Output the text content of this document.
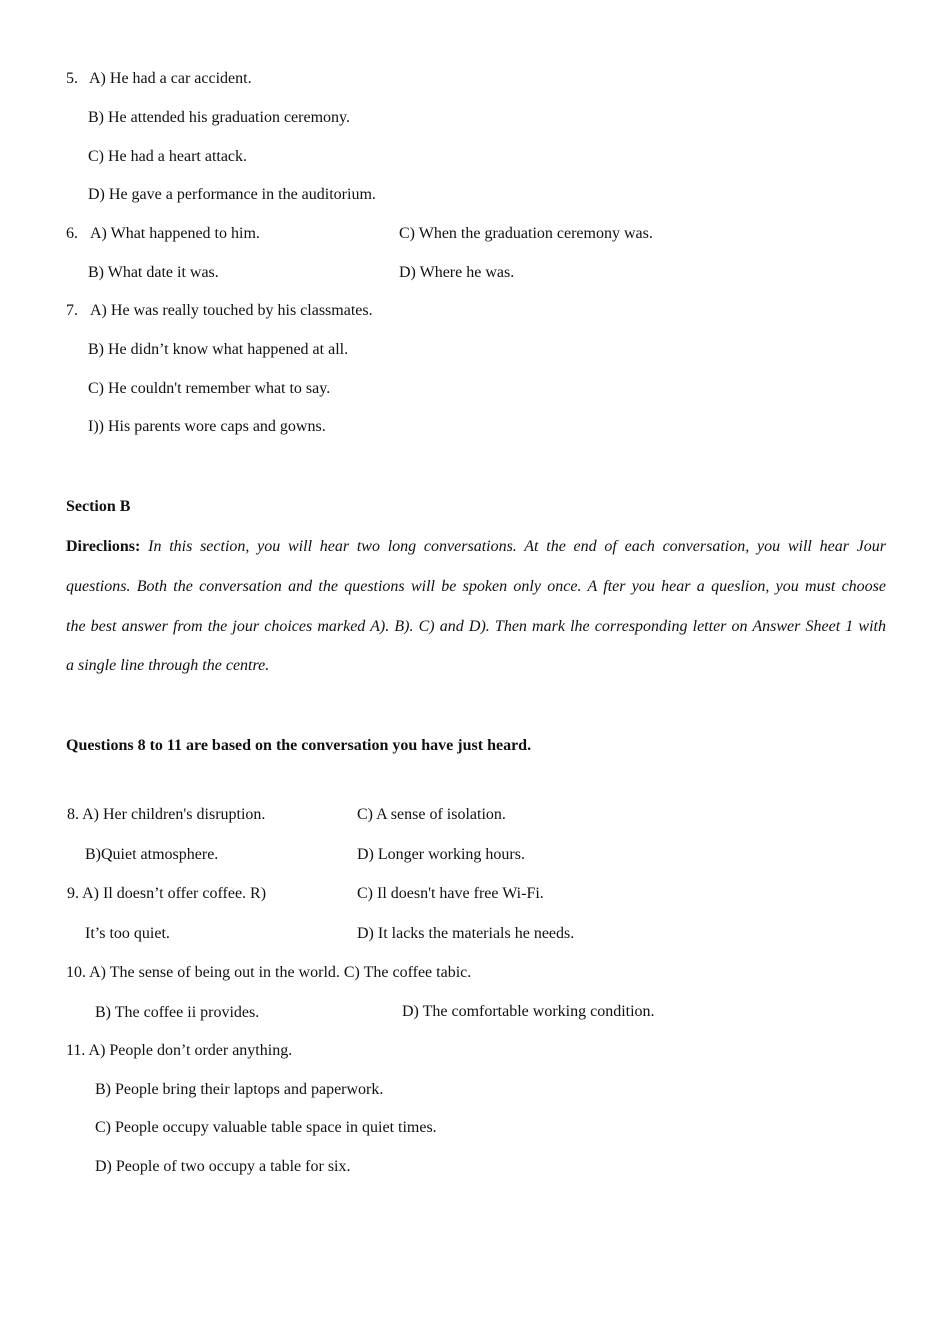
5. A) He had a car accident.
B) He attended his graduation ceremony.
C) He had a heart attack.
D) He gave a performance in the auditorium.
6. A) What happened to him.	C) When the graduation ceremony was.
B) What date it was.	D) Where he was.
7. A) He was really touched by his classmates.
B) He didn’t know what happened at all.
C) He couldn't remember what to say.
I)) His parents wore caps and gowns.
Section B
Direclions: In this section, you will hear two long conversations. At the end of each conversation, you will hear Jour
questions. Both the conversation and the questions will be spoken only once. A fter you hear a queslion, you must choose
the best answer from the jour choices marked A). B). C) and D). Then mark lhe corresponding letter on Answer Sheet 1 with
a single line through the centre.
Questions 8 to 11 are based on the conversation you have just heard.
8. A) Her children's disruption.	C) A sense of isolation.
B)Quiet atmosphere.	D) Longer working hours.
9. A) Il doesn’t offer coffee. R)	C) Il doesn't have free Wi-Fi.
It’s too quiet.	D) It lacks the materials he needs.
10. A) The sense of being out in the world. C) The coffee tabic.
B) The coffee ii provides.	D) The comfortable working condition.
11. A) People don’t order anything.
B) People bring their laptops and paperwork.
C) People occupy valuable table space in quiet times.
D) People of two occupy a table for six.
